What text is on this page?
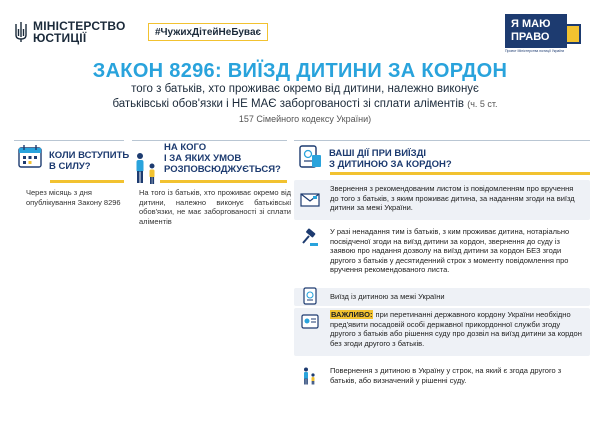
МІНІСТЕРСТВО
ЮСТИЦІЇ	#ЧужихДітейНеБуває
Я МАЮ
ПРАВО
Проект Міністерства юстиції України
ЗАКОН 8296: ВИЇЗД ДИТИНИ ЗА КОРДОН
того з батьків, хто проживає окремо від дитини, належно виконує батьківські обов'язки і НЕ МАЄ заборгованості зі сплати аліментів (ч. 5 ст. 157 Сімейного кодексу України)
КОЛИ ВСТУПИТЬ
В СИЛУ?
Через місяць з дня опублікування Закону 8296
НА КОГО
І ЗА ЯКИХ УМОВ
РОЗПОВСЮДЖУЄТЬСЯ?
На того із батьків, хто проживає окремо від дитини, належно виконує батьківські обов'язки, не має заборгованості зі сплати аліментів
ВАШІ ДІЇ ПРИ ВИЇЗДІ
З ДИТИНОЮ ЗА КОРДОН?
Звернення з рекомендованим листом із повідомленням про вручення до того з батьків, з яким проживає дитина, за наданням згоди на виїзд дитини за межі України.
У разі ненадання тим із батьків, з ким проживає дитина, нотаріально посвідченої згоди на виїзд дитини за кордон, звернення до суду із заявою про надання дозволу на виїзд дитини за кордон БЕЗ згоди другого з батьків у десятиденний строк з моменту повідомлення про вручення рекомендованого листа.
Виїзд із дитиною за межі України
ВАЖЛИВО: при перетинанні державного кордону України необхідно пред'явити посадовій особі державної прикордонної служби згоду другого з батьків або рішення суду про дозвіл на виїзд дитини за кордон без згоди другого з батьків.
Повернення з дитиною в Україну у строк, на який є згода другого з батьків, або визначений у рішенні суду.
